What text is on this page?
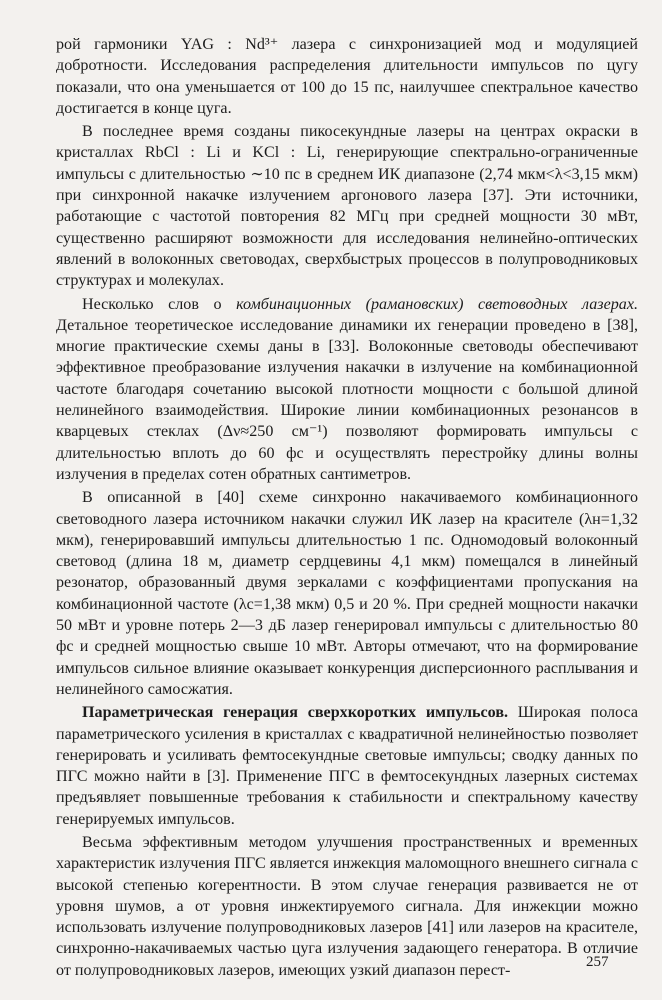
рой гармоники YAG : Nd³⁺ лазера с синхронизацией мод и модуляцией добротности. Исследования распределения длительности импульсов по цугу показали, что она уменьшается от 100 до 15 пс, наилучшее спектральное качество достигается в конце цуга.

В последнее время созданы пикосекундные лазеры на центрах окраски в кристаллах RbCl : Li и KCl : Li, генерирующие спектрально-ограниченные импульсы с длительностью ∼10 пс в среднем ИК диапазоне (2,74 мкм<λ<3,15 мкм) при синхронной накачке излучением аргонового лазера [37]. Эти источники, работающие с частотой повторения 82 МГц при средней мощности 30 мВт, существенно расширяют возможности для исследования нелинейно-оптических явлений в волоконных световодах, сверхбыстрых процессов в полупроводниковых структурах и молекулах.

Несколько слов о комбинационных (рамановских) световодных лазерах. Детальное теоретическое исследование динамики их генерации проведено в [38], многие практические схемы даны в [33]. Волоконные световоды обеспечивают эффективное преобразование излучения накачки в излучение на комбинационной частоте благодаря сочетанию высокой плотности мощности с большой длиной нелинейного взаимодействия. Широкие линии комбинационных резонансов в кварцевых стеклах (Δν≈250 см⁻¹) позволяют формировать импульсы с длительностью вплоть до 60 фс и осуществлять перестройку длины волны излучения в пределах сотен обратных сантиметров.

В описанной в [40] схеме синхронно накачиваемого комбинационного световодного лазера источником накачки служил ИК лазер на красителе (λн=1,32 мкм), генерировавший импульсы длительностью 1 пс. Одномодовый волоконный световод (длина 18 м, диаметр сердцевины 4,1 мкм) помещался в линейный резонатор, образованный двумя зеркалами с коэффициентами пропускания на комбинационной частоте (λс=1,38 мкм) 0,5 и 20 %. При средней мощности накачки 50 мВт и уровне потерь 2—3 дБ лазер генерировал импульсы с длительностью 80 фс и средней мощностью свыше 10 мВт. Авторы отмечают, что на формирование импульсов сильное влияние оказывает конкуренция дисперсионного расплывания и нелинейного самосжатия.

Параметрическая генерация сверхкоротких импульсов. Широкая полоса параметрического усиления в кристаллах с квадратичной нелинейностью позволяет генерировать и усиливать фемтосекундные световые импульсы; сводку данных по ПГС можно найти в [3]. Применение ПГС в фемтосекундных лазерных системах предъявляет повышенные требования к стабильности и спектральному качеству генерируемых импульсов.

Весьма эффективным методом улучшения пространственных и временных характеристик излучения ПГС является инжекция маломощного внешнего сигнала с высокой степенью когерентности. В этом случае генерация развивается не от уровня шумов, а от уровня инжектируемого сигнала. Для инжекции можно использовать излучение полупроводниковых лазеров [41] или лазеров на красителе, синхронно-накачиваемых частью цуга излучения задающего генератора. В отличие от полупроводниковых лазеров, имеющих узкий диапазон перест-	257
